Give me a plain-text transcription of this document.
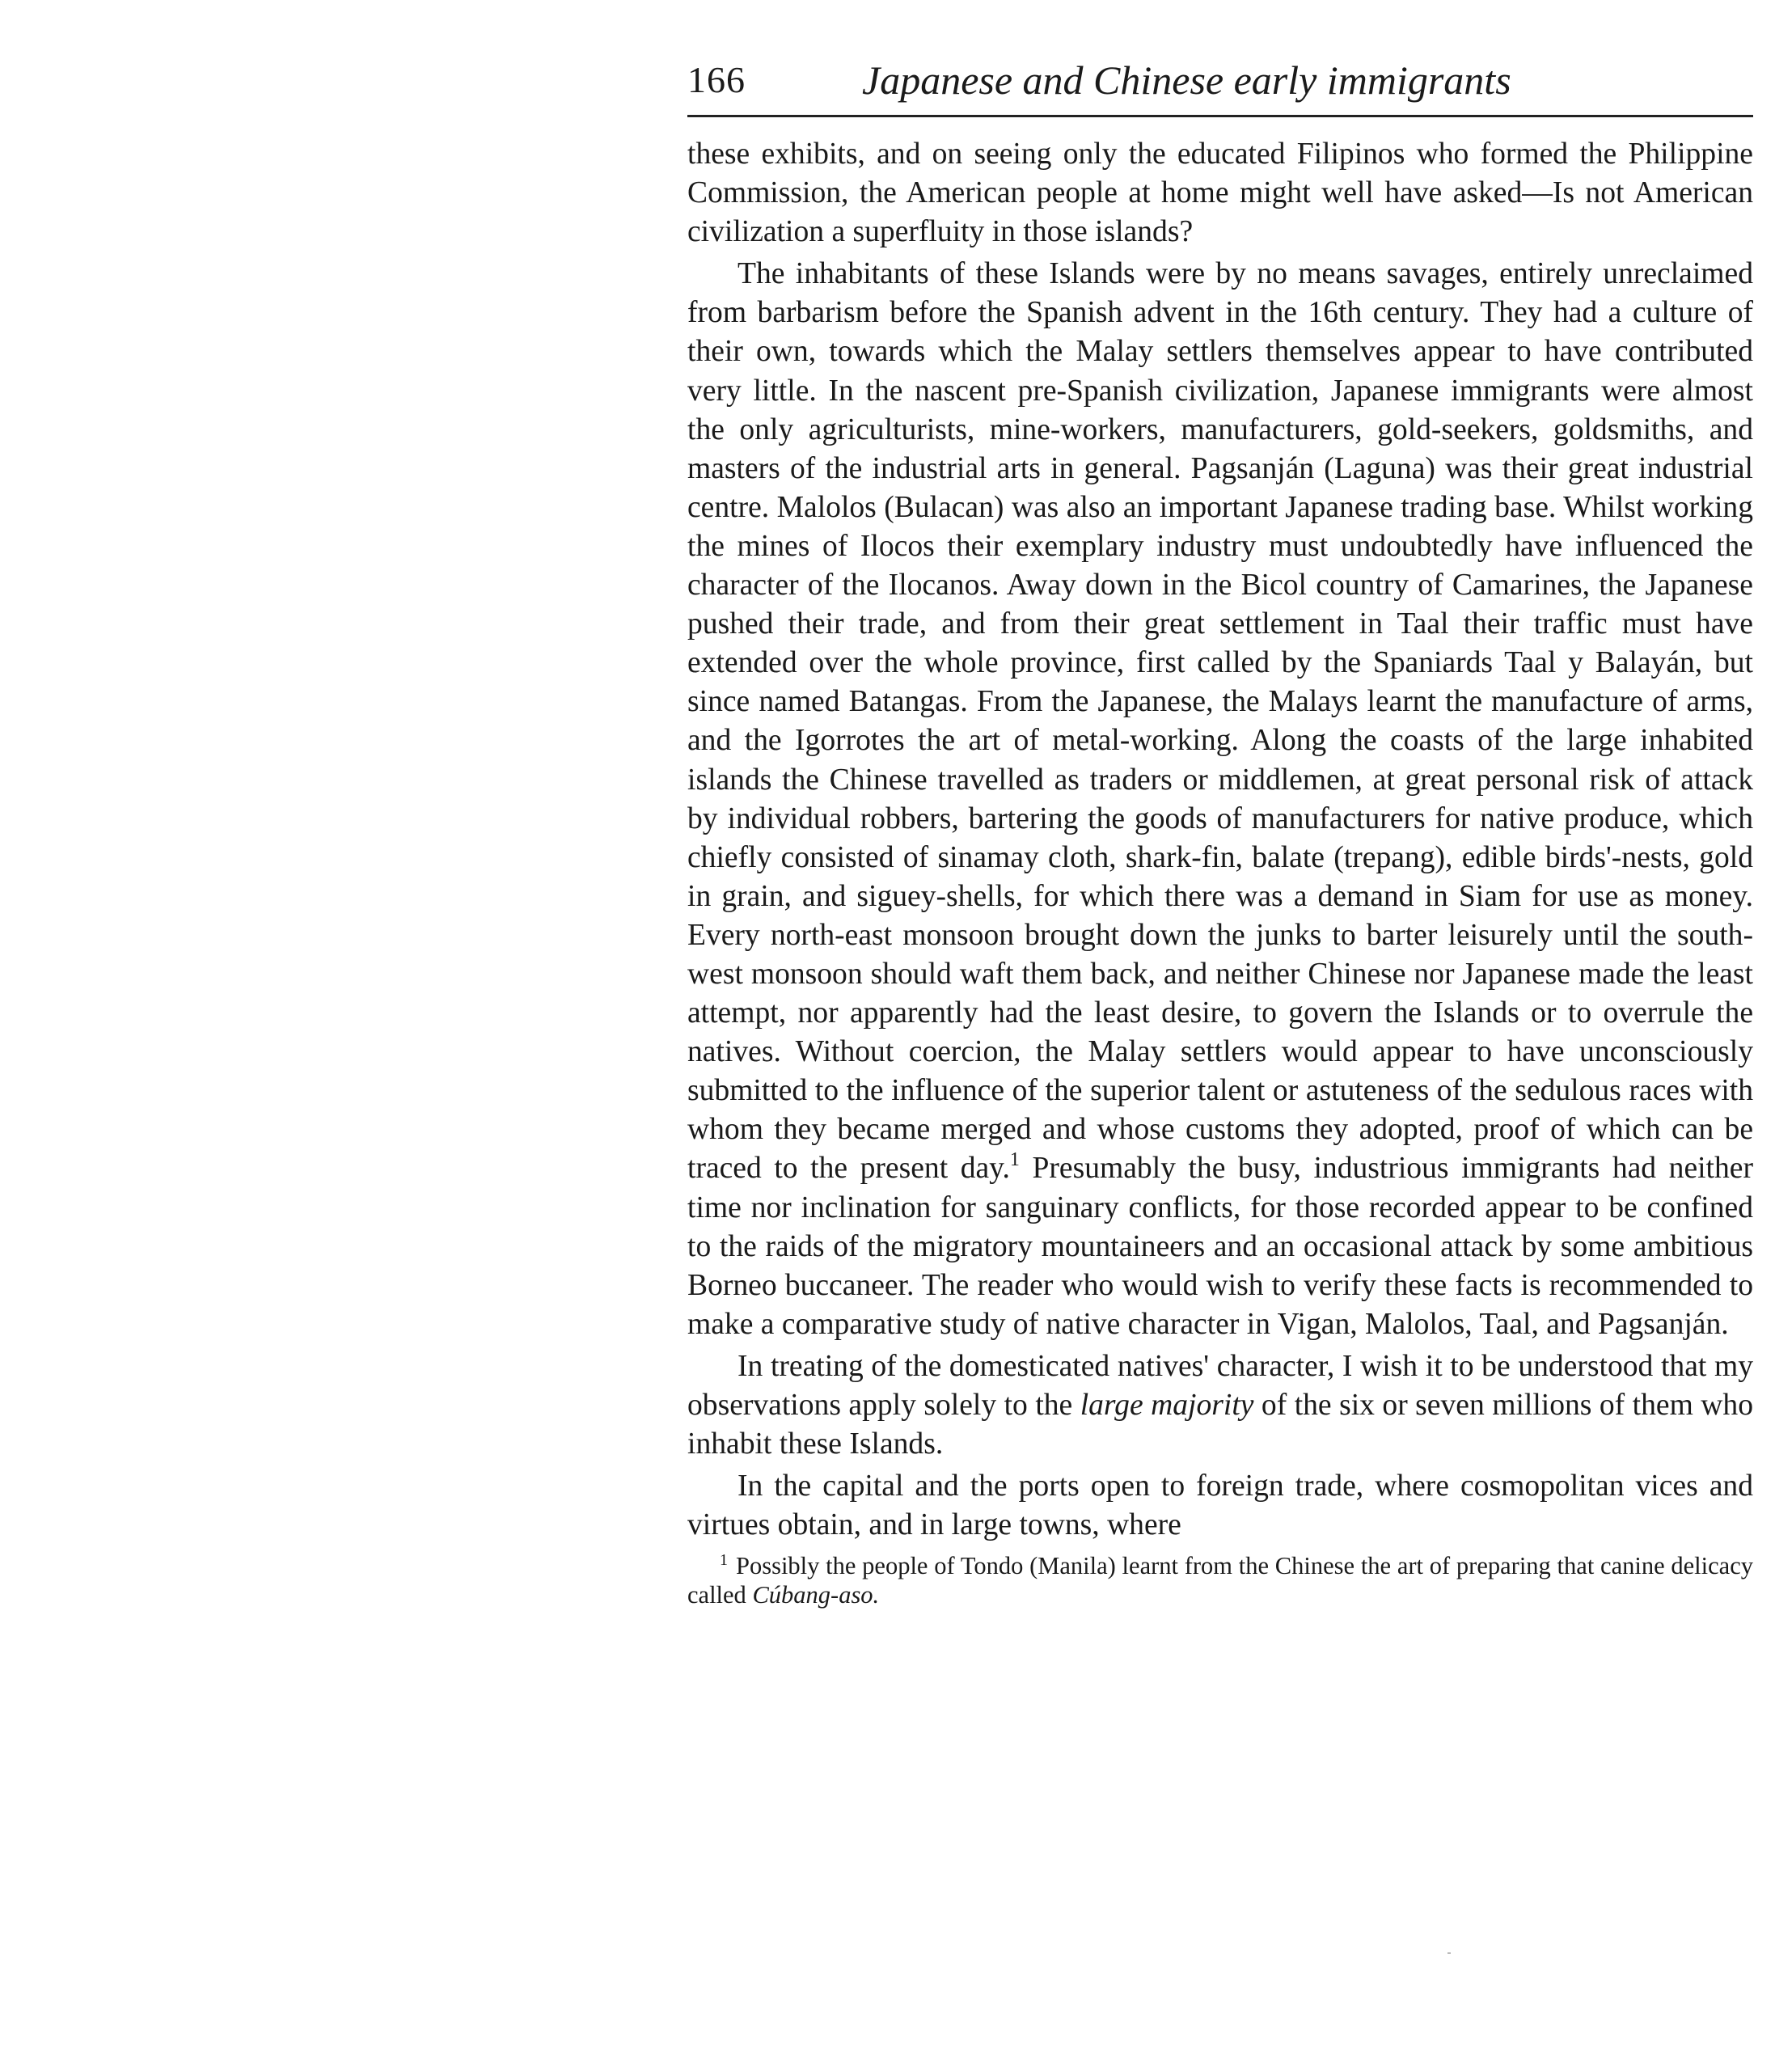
166	Japanese and Chinese early immigrants

these exhibits, and on seeing only the educated Filipinos who formed the Philippine Commission, the American people at home might well have asked—Is not American civilization a superfluity in those islands?

The inhabitants of these Islands were by no means savages, entirely unreclaimed from barbarism before the Spanish advent in the 16th century. They had a culture of their own, towards which the Malay settlers themselves appear to have contributed very little. In the nascent pre-Spanish civilization, Japanese immigrants were almost the only agriculturists, mine-workers, manufacturers, gold-seekers, goldsmiths, and masters of the industrial arts in general. Pagsanján (Laguna) was their great industrial centre. Malolos (Bulacan) was also an important Japanese trading base. Whilst working the mines of Ilocos their exemplary industry must undoubtedly have influenced the character of the Ilocanos. Away down in the Bicol country of Camarines, the Japanese pushed their trade, and from their great settlement in Taal their traffic must have extended over the whole province, first called by the Spaniards Taal y Balayán, but since named Batangas. From the Japanese, the Malays learnt the manufacture of arms, and the Igorrotes the art of metal-working. Along the coasts of the large inhabited islands the Chinese travelled as traders or middlemen, at great personal risk of attack by individual robbers, bartering the goods of manufacturers for native produce, which chiefly consisted of sinamay cloth, shark-fin, balate (trepang), edible birds'-nests, gold in grain, and siguey-shells, for which there was a demand in Siam for use as money. Every north-east monsoon brought down the junks to barter leisurely until the south-west monsoon should waft them back, and neither Chinese nor Japanese made the least attempt, nor apparently had the least desire, to govern the Islands or to overrule the natives. Without coercion, the Malay settlers would appear to have unconsciously submitted to the influence of the superior talent or astuteness of the sedulous races with whom they became merged and whose customs they adopted, proof of which can be traced to the present day.$^1$ Presumably the busy, industrious immigrants had neither time nor inclination for sanguinary conflicts, for those recorded appear to be confined to the raids of the migratory mountaineers and an occasional attack by some ambitious Borneo buccaneer. The reader who would wish to verify these facts is recommended to make a comparative study of native character in Vigan, Malolos, Taal, and Pagsanján.

In treating of the domesticated natives' character, I wish it to be understood that my observations apply solely to the large majority of the six or seven millions of them who inhabit these Islands.

In the capital and the ports open to foreign trade, where cosmopolitan vices and virtues obtain, and in large towns, where

$^1$ Possibly the people of Tondo (Manila) learnt from the Chinese the art of preparing that canine delicacy called Cúbang-aso.
